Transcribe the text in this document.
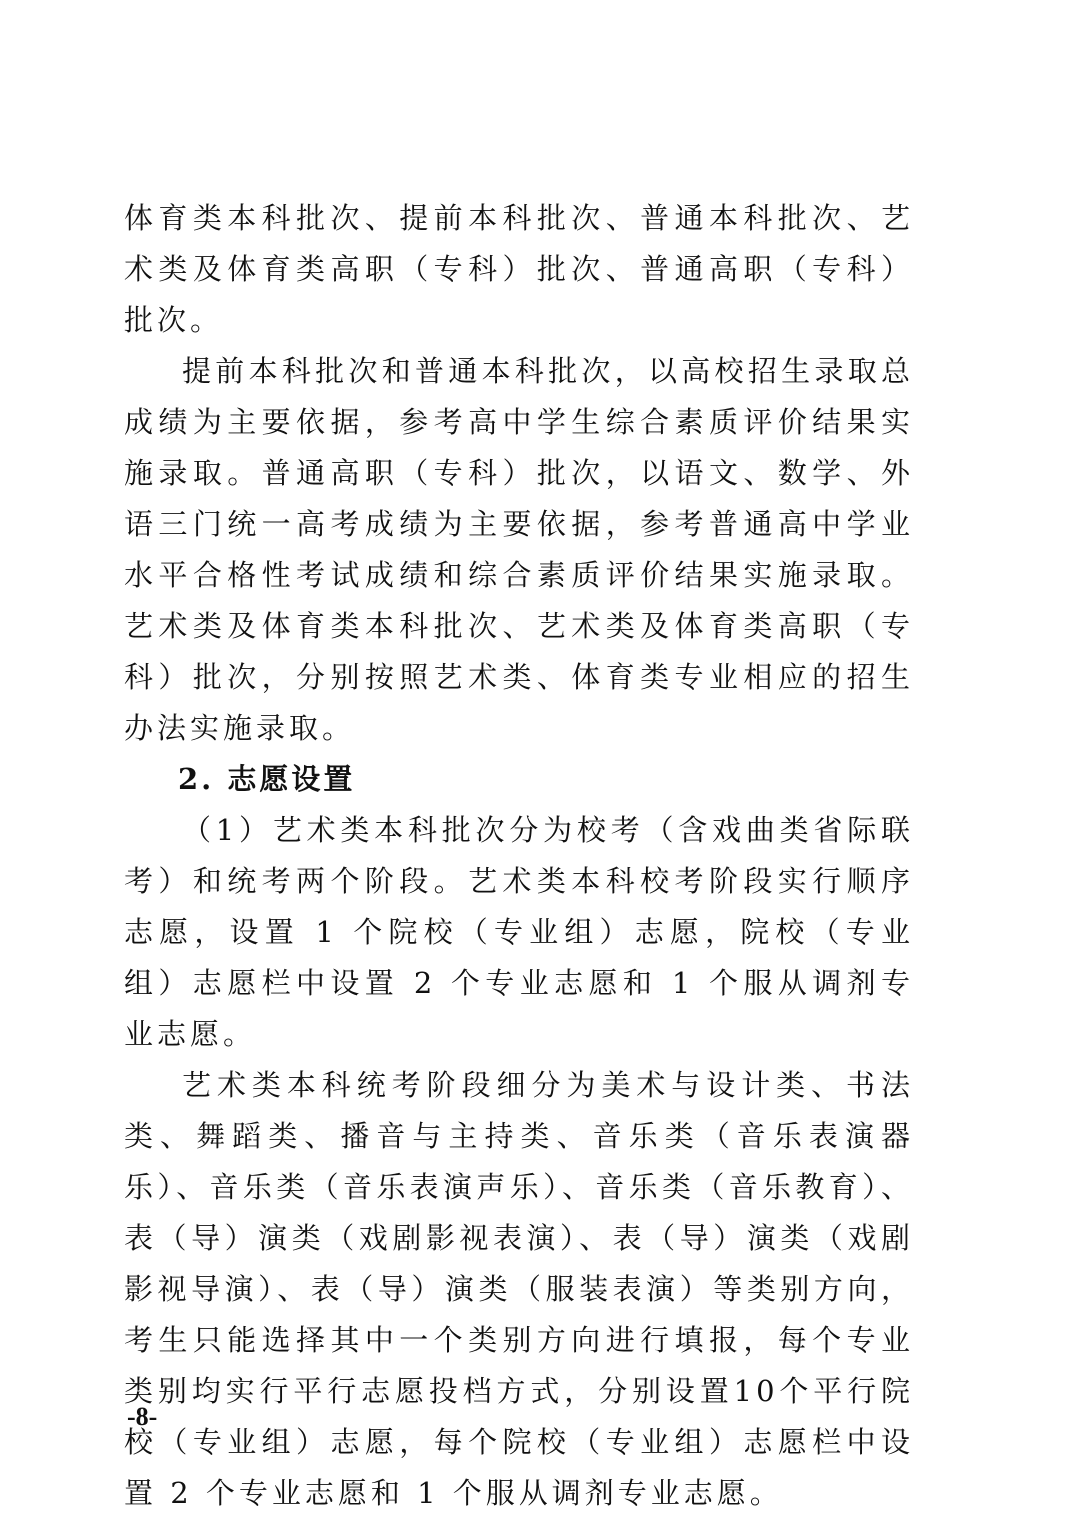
体育类本科批次、提前本科批次、普通本科批次、艺术类及体育类高职（专科）批次、普通高职（专科）批次。

提前本科批次和普通本科批次，以高校招生录取总成绩为主要依据，参考高中学生综合素质评价结果实施录取。普通高职（专科）批次，以语文、数学、外语三门统一高考成绩为主要依据，参考普通高中学业水平合格性考试成绩和综合素质评价结果实施录取。艺术类及体育类本科批次、艺术类及体育类高职（专科）批次，分别按照艺术类、体育类专业相应的招生办法实施录取。

2. 志愿设置

（1）艺术类本科批次分为校考（含戏曲类省际联考）和统考两个阶段。艺术类本科校考阶段实行顺序志愿，设置 1 个院校（专业组）志愿，院校（专业组）志愿栏中设置 2 个专业志愿和 1 个服从调剂专业志愿。

艺术类本科统考阶段细分为美术与设计类、书法类、舞蹈类、播音与主持类、音乐类（音乐表演器乐）、音乐类（音乐表演声乐）、音乐类（音乐教育）、表（导）演类（戏剧影视表演）、表（导）演类（戏剧影视导演）、表（导）演类（服装表演）等类别方向，考生只能选择其中一个类别方向进行填报，每个专业类别均实行平行志愿投档方式，分别设置10个平行院校（专业组）志愿，每个院校（专业组）志愿栏中设置 2 个专业志愿和 1 个服从调剂专业志愿。

-8-
